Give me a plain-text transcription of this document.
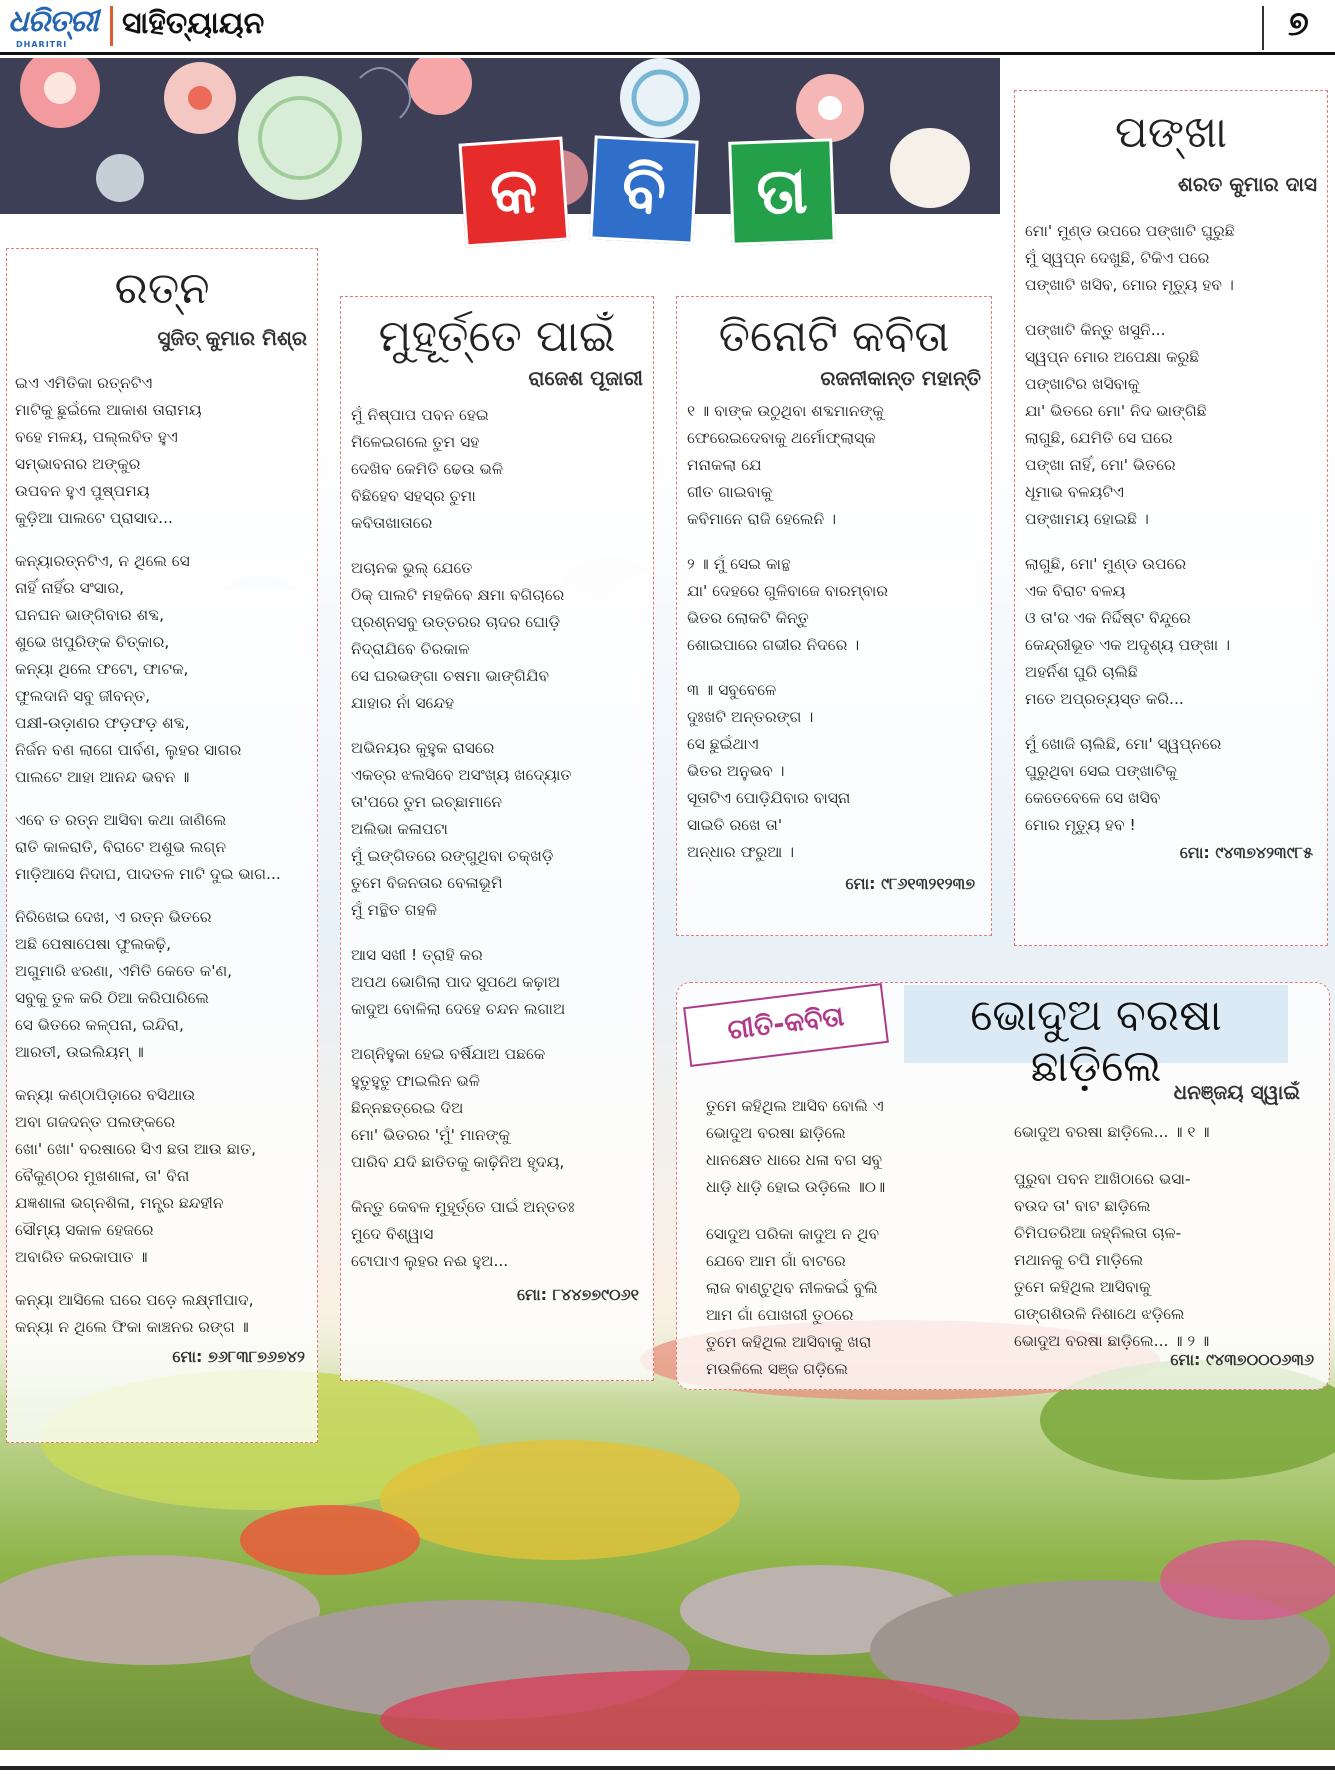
ଧରିତ୍ରୀ
DHARITRI
ସାହିତ୍ୟାୟନ	୭
କ	ବି	ତା
ରତ୍ନ
ସୁଜିତ୍ କୁମାର ମିଶ୍ର
ଇଏ ଏମିତିକା ରତ୍ନଟିଏ
ମାଟିକୁ ଛୁଇଁଲେ ଆକାଶ ତାରାମୟ
ବହେ ମଳୟ, ପଲ୍ଲବିତ ହୁଏ
ସମ୍ଭାବନାର ଅଙ୍କୁର
ଉପବନ ହୁଏ ପୁଷ୍ପମୟ
କୁଡ଼ିଆ ପାଲଟେ ପ୍ରାସାଦ...
କନ୍ୟାରତ୍ନଟିଏ, ନ ଥିଲେ ସେ
ନାହିଁ ନାହିଁର ସଂସାର,
ଘନଘନ ଭାଙ୍ଗିବାର ଶବ୍ଦ,
ଶୁଭେ ଖପୁରିଙ୍କ ଚିତ୍କାର,
କନ୍ୟା ଥିଲେ ଫଟୋ, ଫାଟକ,
ଫୁଲଦାନି ସବୁ ଜୀବନ୍ତ,
ପକ୍ଷୀ-ଉଡ଼ାଣର ଫଡ଼ଫଡ଼ ଶବ୍ଦ,
ନିର୍ଜନ ବଣ ଲାଗେ ପାର୍ବଣ, ଲୁହର ସାଗର
ପାଲଟେ ଆହା ଆନନ୍ଦ ଭବନ ॥
ଏବେ ତ ରତ୍ନ ଆସିବା କଥା ଜାଣିଲେ
ରାତି କାଳରାତି, ବିରାଟେ ଅଶୁଭ ଲଗ୍ନ
ମାଡ଼ିଆସେ ନିଦାଘ, ପାଦତଳ ମାଟି ଦୁଇ ଭାଗ...
ନିରିଖେଇ ଦେଖ, ଏ ରତ୍ନ ଭିତରେ
ଅଛି ପେଷାପେଷା ଫୁଲକଢ଼ି,
ଅଗୁମାରି ଝରଣା, ଏମିତି କେତେ କ'ଣ,
ସବୁକୁ ତୁଳ କରି ଠିଆ କରିପାରିଲେ
ସେ ଭିତରେ କଳ୍ପନା, ଇନ୍ଦିରା,
ଆରତୀ, ଉଇଲିୟମ୍ ॥
କନ୍ୟା କଣ୍ଠାପିଡ଼ାରେ ବସିଥାଉ
ଅବା ଗଜଦନ୍ତ ପଲଙ୍କରେ
ଖୋ' ଖୋ' ବରଷାରେ ସିଏ ଛତା ଆଉ ଛାତ,
ବୈକୁଣ୍ଠର ମୁଖଶାଳା, ତା' ବିନା
ଯଜ୍ଞଶାଳା ଭଗ୍ନଶିଳା, ମନ୍ତ୍ର ଛନ୍ଦହୀନ
ସୌମ୍ୟ ସକାଳ ହେଜରେ
ଅବାରିତ କରକାପାତ ॥
କନ୍ୟା ଆସିଲେ ଘରେ ପଡ଼େ ଲକ୍ଷ୍ମୀପାଦ,
କନ୍ୟା ନ ଥିଲେ ଫିକା କାଞ୍ଚନର ରଙ୍ଗ ॥
ମୋ: ୭୬୮୩୮୭୬୭୪୨
ମୁହୂର୍ତ୍ତେ ପାଇଁ
ରାଜେଶ ପୂଜାରୀ
ମୁଁ ନିଷ୍ପାପ ପବନ ହେଇ
ମିଳେଇଗଲେ ତୁମ ସହ
ଦେଖିବ କେମିତି ଢେଉ ଭଳି
ବିଛିହେବ ସହସ୍ର ଚୁମା
କବିତାଖାତାରେ
ଅଚାନକ ଭୁଲ୍ ଯେତେ
ଠିକ୍ ପାଲଟି ମହକିବେ କ୍ଷମା ବଗିଚାରେ
ପ୍ରଶ୍ନସବୁ ଉତ୍ତରର ଚାଦର ଘୋଡ଼ି
ନିଦ୍ରାଯିବେ ଚିରକାଳ
ସେ ଘରଭଙ୍ଗା ଚଷମା ଭାଙ୍ଗିଯିବ
ଯାହାର ନାଁ ସନ୍ଦେହ
ଅଭିନୟର କୁହୁକ ରାସରେ
ଏକତ୍ର ଝଲସିବେ ଅସଂଖ୍ୟ ଖଦ୍ୟୋତ
ତା'ପରେ ତୁମ ଇଚ୍ଛାମାନେ
ଅଲିଭା କଳାପଟା
ମୁଁ ଇଙ୍ଗିତରେ ରଙ୍ଗୁଥିବା ଚକ୍‌ଖଡ଼ି
ତୁମେ ବିଜନତାର ବେଳାଭୂମି
ମୁଁ ମନ୍ଥିତ ଗହଳି
ଆସ ସଖୀ ! ତ୍ରାହି କର
ଅପଥ ଭୋଗିଲା ପାଦ ସୁପଥେ କଢ଼ାଅ
କାଦୁଅ ବୋଳିଲା ଦେହେ ଚନ୍ଦନ ଲଗାଅ
ଅଗ୍ନିହୁକା ହେଇ ବର୍ଷିଯାଅ ପଛକେ
ହୁତୁହୁତୁ ଫାଇଲିନ ଭଳି
ଛିନ୍ନଛତ୍ରେଇ ଦିଅ
ମୋ' ଭିତରର 'ମୁଁ' ମାନଙ୍କୁ
ପାରିବ ଯଦି ଛାତିତକୁ କାଢ଼ିନିଅ ହୃଦୟ,
କିନ୍ତୁ କେବଳ ମୁହୂର୍ତ୍ତେ ପାଇଁ ଅନ୍ତତଃ
ମୁଦେ ବିଶ୍ୱାସ
ଟୋପାଏ ଲୁହର ନଈ ହୁଅ...
ମୋ: ୮୪୪୭୭୯୦୬୧
ତିନୋଟି କବିତା
ରଜନୀକାନ୍ତ ମହାନ୍ତି
୧ ॥ ବାଙ୍କ ଉଠୁଥିବା ଶବ୍ଦମାନଙ୍କୁ
ଫେରେଇଦେବାକୁ ଥର୍ମୋଫ୍ଲାସ୍କ
ମନାକଲା ଯେ
ଗୀତ ଗାଇବାକୁ
କବିମାନେ ରାଜି ହେଲେନି ।
୨ ॥ ମୁଁ ସେଇ କାନ୍ଥ
ଯା' ଦେହରେ ଗୁଳିବାଜେ ବାରମ୍ବାର
ଭିତର ଲୋକଟି କିନ୍ତୁ
ଶୋଇପାରେ ଗଭୀର ନିଦରେ ।
୩ ॥ ସବୁବେଳେ
ଦୁଃଖଟି ଅନ୍ତରଙ୍ଗ ।
ସେ ଛୁଇଁଥାଏ
ଭିତର ଅନୁଭବ ।
ସୂତାଟିଏ ପୋଡ଼ିଯିବାର ବାସ୍ନା
ସାଇତି ରଖେ ତା'
ଅନ୍ଧାର ଫରୁଆ ।
ମୋ: ୯୮୬୧୩୨୧୨୩୭
ପଙ୍ଖା
ଶରତ କୁମାର ଦାସ
ମୋ' ମୁଣ୍ଡ ଉପରେ ପଙ୍ଖାଟି ଘୁରୁଛି
ମୁଁ ସ୍ୱପ୍ନ ଦେଖୁଛି, ଟିକିଏ ପରେ
ପଙ୍ଖାଟି ଖସିବ, ମୋର ମୃତ୍ୟୁ ହବ ।
ପଙ୍ଖାଟି କିନ୍ତୁ ଖସୁନି...
ସ୍ୱପ୍ନ ମୋର ଅପେକ୍ଷା କରୁଛି
ପଙ୍ଖାଟିର ଖସିବାକୁ
ଯା' ଭିତରେ ମୋ' ନିଦ ଭାଙ୍ଗିଛି
ଲାଗୁଛି, ଯେମିତି ସେ ଘରେ
ପଙ୍ଖା ନାହିଁ, ମୋ' ଭିତରେ
ଧୂମାଭ ବଳୟଟିଏ
ପଙ୍ଖାମୟ ହୋଇଛି ।
ଲାଗୁଛି, ମୋ' ମୁଣ୍ଡ ଉପରେ
ଏକ ବିରାଟ ବଳୟ
ଓ ତା'ର ଏକ ନିର୍ଦ୍ଦିଷ୍ଟ ବିନ୍ଦୁରେ
କେନ୍ଦ୍ରୀଭୂତ ଏକ ଅଦୃଶ୍ୟ ପଙ୍ଖା ।
ଅହର୍ନିଶ ଘୁରି ଚାଲିଛି
ମତେ ଅପ୍ରତ୍ୟସ୍ତ କରି...
ମୁଁ ଖୋଜି ଚାଲିଛି, ମୋ' ସ୍ୱପ୍ନରେ
ଘୁରୁଥିବା ସେଇ ପଙ୍ଖାଟିକୁ
କେତେବେଳେ ସେ ଖସିବ
ମୋର ମୃତ୍ୟୁ ହବ !
ମୋ: ୯୪୩୭୪୨୩୯୮୫
ଗୀତି-କବିତା	ଭୋଦୁଅ ବରଷା ଛାଡ଼ିଲେ ଧନଞ୍ଜୟ ସ୍ୱାଇଁ
ତୁମେ କହିଥିଲ ଆସିବ ବୋଲି ଏ
ଭୋଦୁଅ ବରଷା ଛାଡ଼ିଲେ
ଧାନକ୍ଷେତ ଧାରେ ଧଳା ବଗ ସବୁ
ଧାଡ଼ି ଧାଡ଼ି ହୋଇ ଉଡ଼ିଲେ ॥୦॥
ସୋଦୁଅ ପରିକା କାଦୁଅ ନ ଥିବ
ଯେବେ ଆମ ଗାଁ ବାଟରେ
ଲାଜ ବାଣ୍ଟୁଥିବ ନୀଳକଇଁ ବୁଲି
ଆମ ଗାଁ ପୋଖରୀ ତୁଠରେ
ତୁମେ କହିଥିଲ ଆସିବାକୁ ଖରା
ମଉଳିଲେ ସଞ୍ଜ ଗଡ଼ିଲେ
ଭୋଦୁଅ ବରଷା ଛାଡ଼ିଲେ... ॥ ୧ ॥
ପୁରୁବା ପବନ ଆଖିଠାରେ ଭସା-
ବଉଦ ତା' ବାଟ ଛାଡ଼ିଲେ
ଚିମିପତରିଆ ଜହ୍ନିଲତା ଚାଳ-
ମଥାନକୁ ଚପି ମାଡ଼ିଲେ
ତୁମେ କହିଥିଲ ଆସିବାକୁ
ଗଙ୍ଗଶିଉଳି ନିଶାଥେ ଝଡ଼ିଲେ
ଭୋଦୁଅ ବରଷା ଛାଡ଼ିଲେ... ॥ ୨ ॥
ମୋ: ୯୪୩୭୦୦୦୬୩୬
